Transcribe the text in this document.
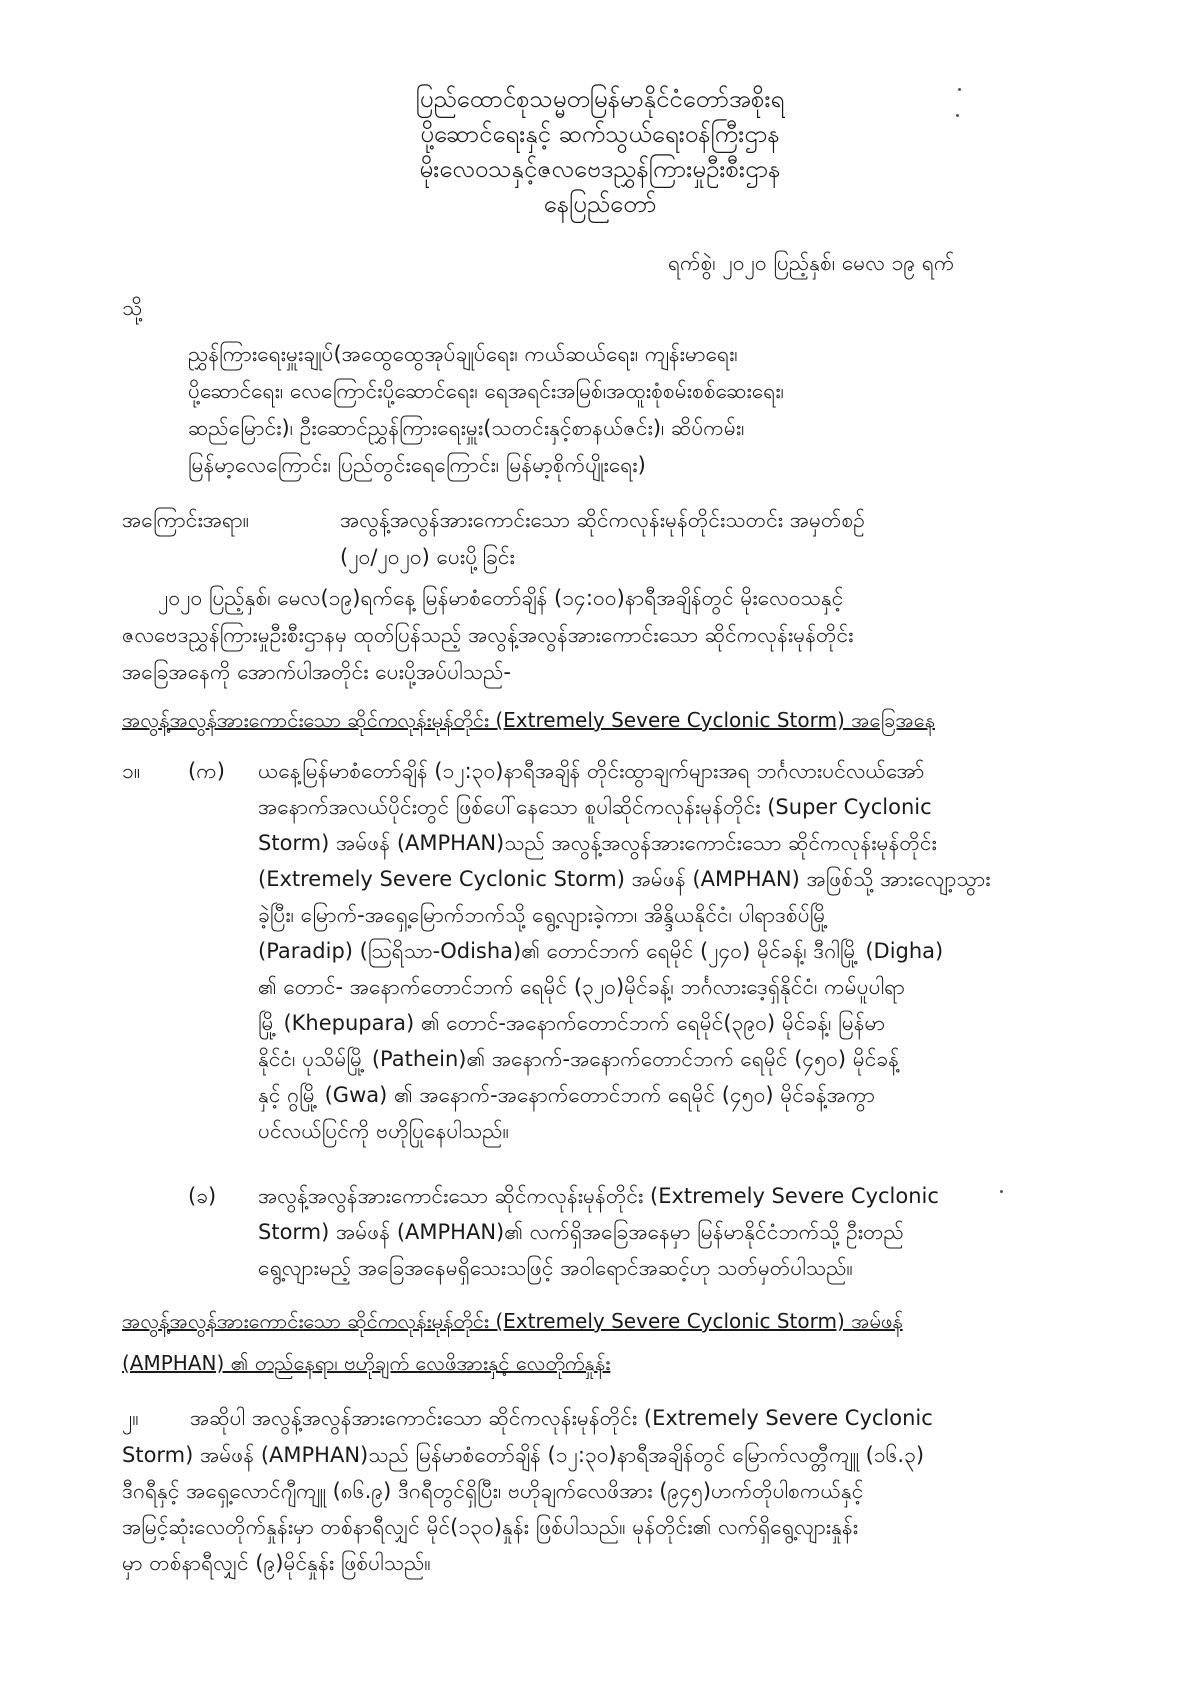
ပြည်ထောင်စုသမ္မတမြန်မာနိုင်ငံတော်အစိုးရ
ပို့ဆောင်ရေးနှင့် ဆက်သွယ်ရေးဝန်ကြီးဌာန
မိုးလေဝသနှင့်ဇလဗေဒညွှန်ကြားမှုဦးစီးဌာန
နေပြည်တော်
ရက်စွဲ၊ ၂၀၂၀ ပြည့်နှစ်၊ မေလ ၁၉ ရက်
သို့
ညွှန်ကြားရေးမှူးချုပ်(အထွေထွေအုပ်ချုပ်ရေး၊ ကယ်ဆယ်ရေး၊ ကျန်းမာရေး၊
ပို့ဆောင်ရေး၊ လေကြောင်းပို့ဆောင်ရေး၊ ရေအရင်းအမြစ်၊အထူးစုံစမ်းစစ်ဆေးရေး၊
ဆည်မြောင်း)၊ ဦးဆောင်ညွှန်ကြားရေးမှူး(သတင်းနှင့်စာနယ်ဇင်း)၊ ဆိပ်ကမ်း၊
မြန်မာ့လေကြောင်း၊ ပြည်တွင်းရေကြောင်း၊ မြန်မာ့စိုက်ပျိုးရေး)
အကြောင်းအရာ။	အလွန့်အလွန်အားကောင်းသော ဆိုင်ကလုန်းမုန်တိုင်းသတင်း အမှတ်စဉ်
(၂၀/၂၀၂၀) ပေးပို့ခြင်း
၂၀၂၀ ပြည့်နှစ်၊ မေလ(၁၉)ရက်နေ့ မြန်မာစံတော်ချိန် (၁၄:၀၀)နာရီအချိန်တွင် မိုးလေဝသနှင့်
ဇလဗေဒညွှန်ကြားမှုဦးစီးဌာနမှ ထုတ်ပြန်သည့် အလွန့်အလွန်အားကောင်းသော ဆိုင်ကလုန်းမုန်တိုင်း
အခြေအနေကို အောက်ပါအတိုင်း ပေးပို့အပ်ပါသည်-
အလွန့်အလွန်အားကောင်းသော ဆိုင်ကလုန်းမုန်တိုင်း (Extremely Severe Cyclonic Storm) အခြေအနေ
၁။ (က) ယနေ့မြန်မာစံတော်ချိန် (၁၂:၃၀)နာရီအချိန် တိုင်းထွာချက်များအရ ဘင်္ဂလားပင်လယ်အော်
အနောက်အလယ်ပိုင်းတွင် ဖြစ်ပေါ်နေသော စူပါဆိုင်ကလုန်းမုန်တိုင်း (Super Cyclonic
Storm) အမ်ဖန် (AMPHAN)သည် အလွန့်အလွန်အားကောင်းသော ဆိုင်ကလုန်းမုန်တိုင်း
(Extremely Severe Cyclonic Storm) အမ်ဖန် (AMPHAN) အဖြစ်သို့ အားလျော့သွား
ခဲ့ပြီး၊ မြောက်-အရှေ့မြောက်ဘက်သို့ ရွေ့လျားခဲ့ကာ၊ အိန္ဒိယနိုင်ငံ၊ ပါရာဒစ်ပ်မြို့
(Paradip) (ဩရိသာ-Odisha)၏ တောင်ဘက် ရေမိုင် (၂၄၀) မိုင်ခန့်၊ ဒီဂါမြို့ (Digha)
၏ တောင်- အနောက်တောင်ဘက် ရေမိုင် (၃၂၀)မိုင်ခန့်၊ ဘင်္ဂလားဒေ့ရှ်နိုင်ငံ၊ ကမ်ပူပါရာ
မြို့ (Khepupara) ၏ တောင်-အနောက်တောင်ဘက် ရေမိုင်(၃၉၀) မိုင်ခန့်၊ မြန်မာ
နိုင်ငံ၊ ပုသိမ်မြို့ (Pathein)၏ အနောက်-အနောက်တောင်ဘက် ရေမိုင် (၄၅၀) မိုင်ခန့်
နှင့် ဂွမြို့ (Gwa) ၏ အနောက်-အနောက်တောင်ဘက် ရေမိုင် (၄၅၀) မိုင်ခန့်အကွာ
ပင်လယ်ပြင်ကို ဗဟိုပြုနေပါသည်။
(ခ) အလွန့်အလွန်အားကောင်းသော ဆိုင်ကလုန်းမုန်တိုင်း (Extremely Severe Cyclonic
Storm) အမ်ဖန် (AMPHAN)၏ လက်ရှိအခြေအနေမှာ မြန်မာနိုင်ငံဘက်သို့ ဦးတည်
ရွေ့လျားမည့် အခြေအနေမရှိသေးသဖြင့် အဝါရောင်အဆင့်ဟု သတ်မှတ်ပါသည်။
အလွန့်အလွန်အားကောင်းသော ဆိုင်ကလုန်းမုန်တိုင်း (Extremely Severe Cyclonic Storm) အမ်ဖန်
(AMPHAN) ၏ တည်နေရာ၊ ဗဟိုချက် လေဖိအားနှင့် လေတိုက်နှုန်း
၂။ အဆိုပါ အလွန့်အလွန်အားကောင်းသော ဆိုင်ကလုန်းမုန်တိုင်း (Extremely Severe Cyclonic
Storm) အမ်ဖန် (AMPHAN)သည် မြန်မာစံတော်ချိန် (၁၂:၃၀)နာရီအချိန်တွင် မြောက်လတ္တီကျူ (၁၆.၃)
ဒီဂရီနှင့် အရှေ့လောင်ဂျီကျူ (၈၆.၉) ဒီဂရီတွင်ရှိပြီး၊ ဗဟိုချက်လေဖိအား (၉၄၅)ဟက်တိုပါစကယ်နှင့်
အမြင့်ဆုံးလေတိုက်နှုန်းမှာ တစ်နာရီလျှင် မိုင်(၁၃၀)နှုန်း ဖြစ်ပါသည်။ မုန်တိုင်း၏ လက်ရှိရွေ့လျားနှုန်း
မှာ တစ်နာရီလျှင် (၉)မိုင်နှုန်း ဖြစ်ပါသည်။
